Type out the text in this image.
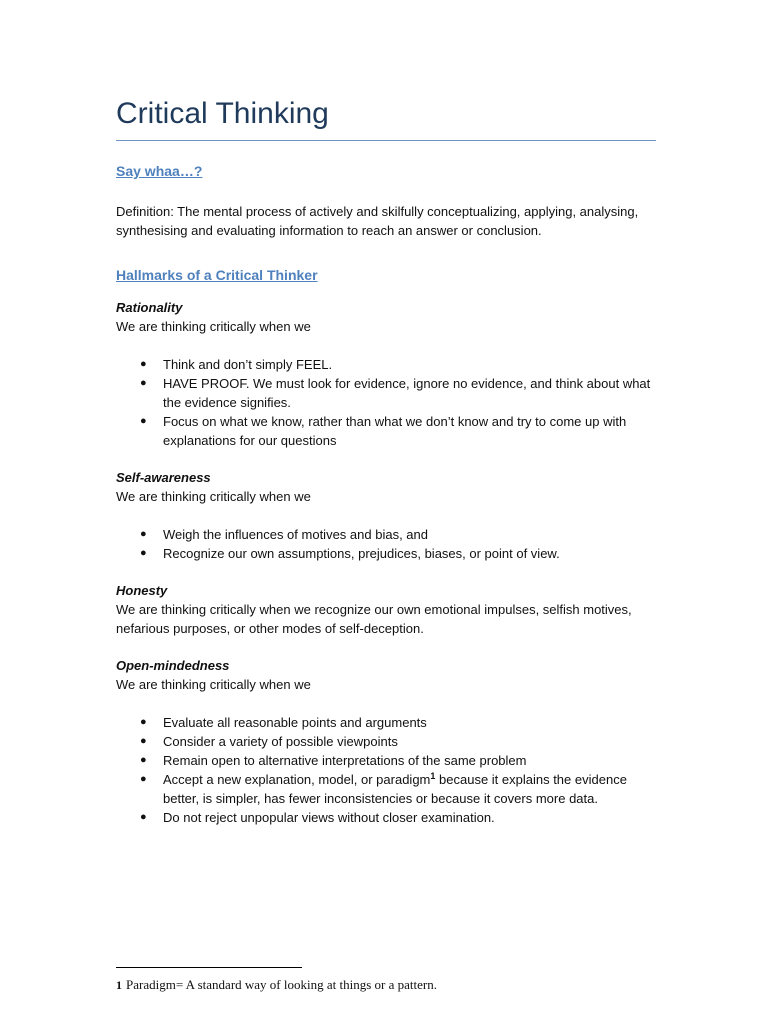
Critical Thinking
Say whaa…?

Definition: The mental process of actively and skilfully conceptualizing, applying, analysing, synthesising and evaluating information to reach an answer or conclusion.

Hallmarks of a Critical Thinker

Rationality

We are thinking critically when we

● Think and don’t simply FEEL.
● HAVE PROOF. We must look for evidence, ignore no evidence, and think about what the evidence signifies.
● Focus on what we know, rather than what we don’t know and try to come up with explanations for our questions

Self-awareness

We are thinking critically when we

● Weigh the influences of motives and bias, and
● Recognize our own assumptions, prejudices, biases, or point of view.

Honesty

We are thinking critically when we recognize our own emotional impulses, selfish motives, nefarious purposes, or other modes of self-deception.

Open-mindedness

We are thinking critically when we

● Evaluate all reasonable points and arguments
● Consider a variety of possible viewpoints
● Remain open to alternative interpretations of the same problem
● Accept a new explanation, model, or paradigm$^1$ because it explains the evidence better, is simpler, has fewer inconsistencies or because it covers more data.
● Do not reject unpopular views without closer examination.
1 Paradigm= A standard way of looking at things or a pattern.
